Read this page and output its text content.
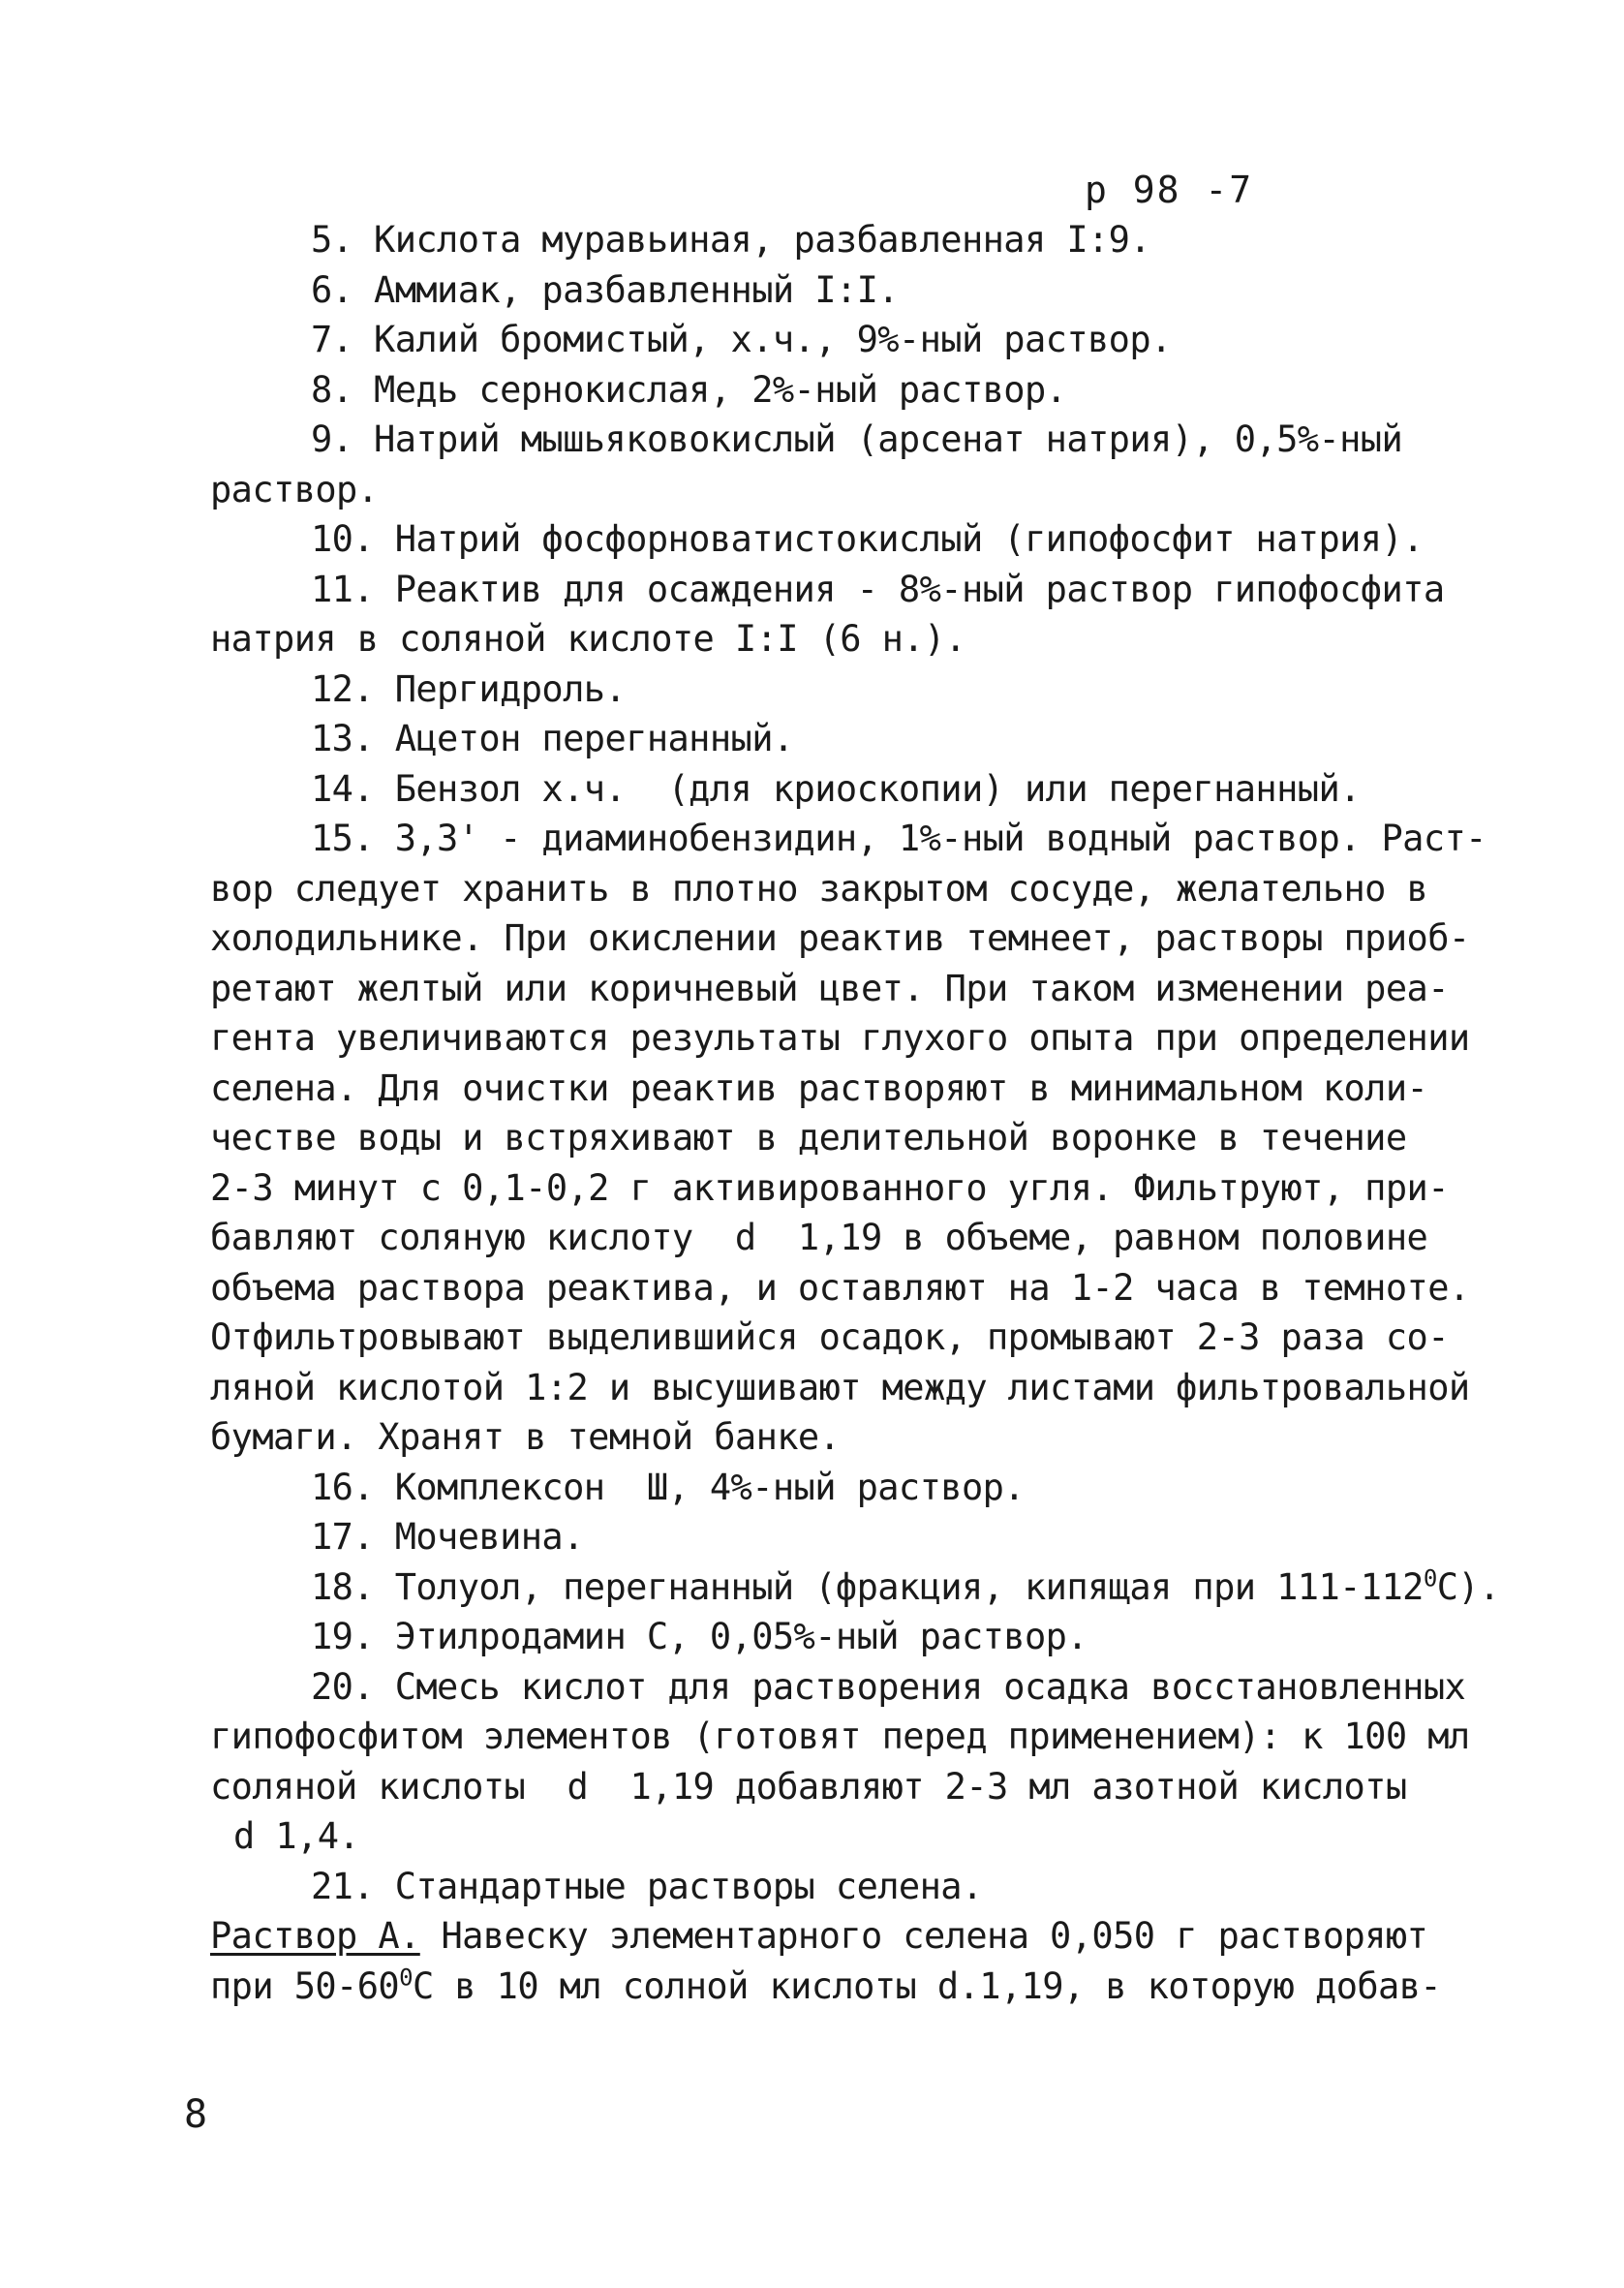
р 98 -7
5. Кислота муравьиная, разбавленная I:9.
6. Аммиак, разбавленный I:I.
7. Калий бромистый, х.ч., 9%-ный раствор.
8. Медь сернокислая, 2%-ный раствор.
9. Натрий мышьяковокислый (арсенат натрия), 0,5%-ный
раствор.
10. Натрий фосфорноватистокислый (гипофосфит натрия).
11. Реактив для осаждения - 8%-ный раствор гипофосфита
натрия в соляной кислоте I:I (6 н.).
12. Пергидроль.
13. Ацетон перегнанный.
14. Бензол х.ч.  (для криоскопии) или перегнанный.
15. 3,3' - диаминобензидин, 1%-ный водный раствор. Раст-
вор следует хранить в плотно закрытом сосуде, желательно в
холодильнике. При окислении реактив темнеет, растворы приоб-
ретают желтый или коричневый цвет. При таком изменении реа-
гента увеличиваются результаты глухого опыта при определении
селена. Для очистки реактив растворяют в минимальном коли-
честве воды и встряхивают в делительной воронке в течение
2-3 минут с 0,1-0,2 г активированного угля. Фильтруют, при-
бавляют соляную кислоту  d  1,19 в объеме, равном половине
объема раствора реактива, и оставляют на 1-2 часа в темноте.
Отфильтровывают выделившийся осадок, промывают 2-3 раза со-
ляной кислотой 1:2 и высушивают между листами фильтровальной
бумаги. Хранят в темной банке.
16. Комплексон  Ш, 4%-ный раствор.
17. Мочевина.
18. Толуол, перегнанный (фракция, кипящая при $111-112^0С$).
19. Этилродамин С, 0,05%-ный раствор.
20. Смесь кислот для растворения осадка восстановленных
гипофосфитом элементов (готовят перед применением): к 100 мл
соляной кислоты  d  1,19 добавляют 2-3 мл азотной кислоты
d 1,4.
21. Стандартные растворы селена.
Раствор А. Навеску элементарного селена 0,050 г растворяют
при $50-60^0С$ в 10 мл солной кислоты d.1,19, в которую добав-
8
